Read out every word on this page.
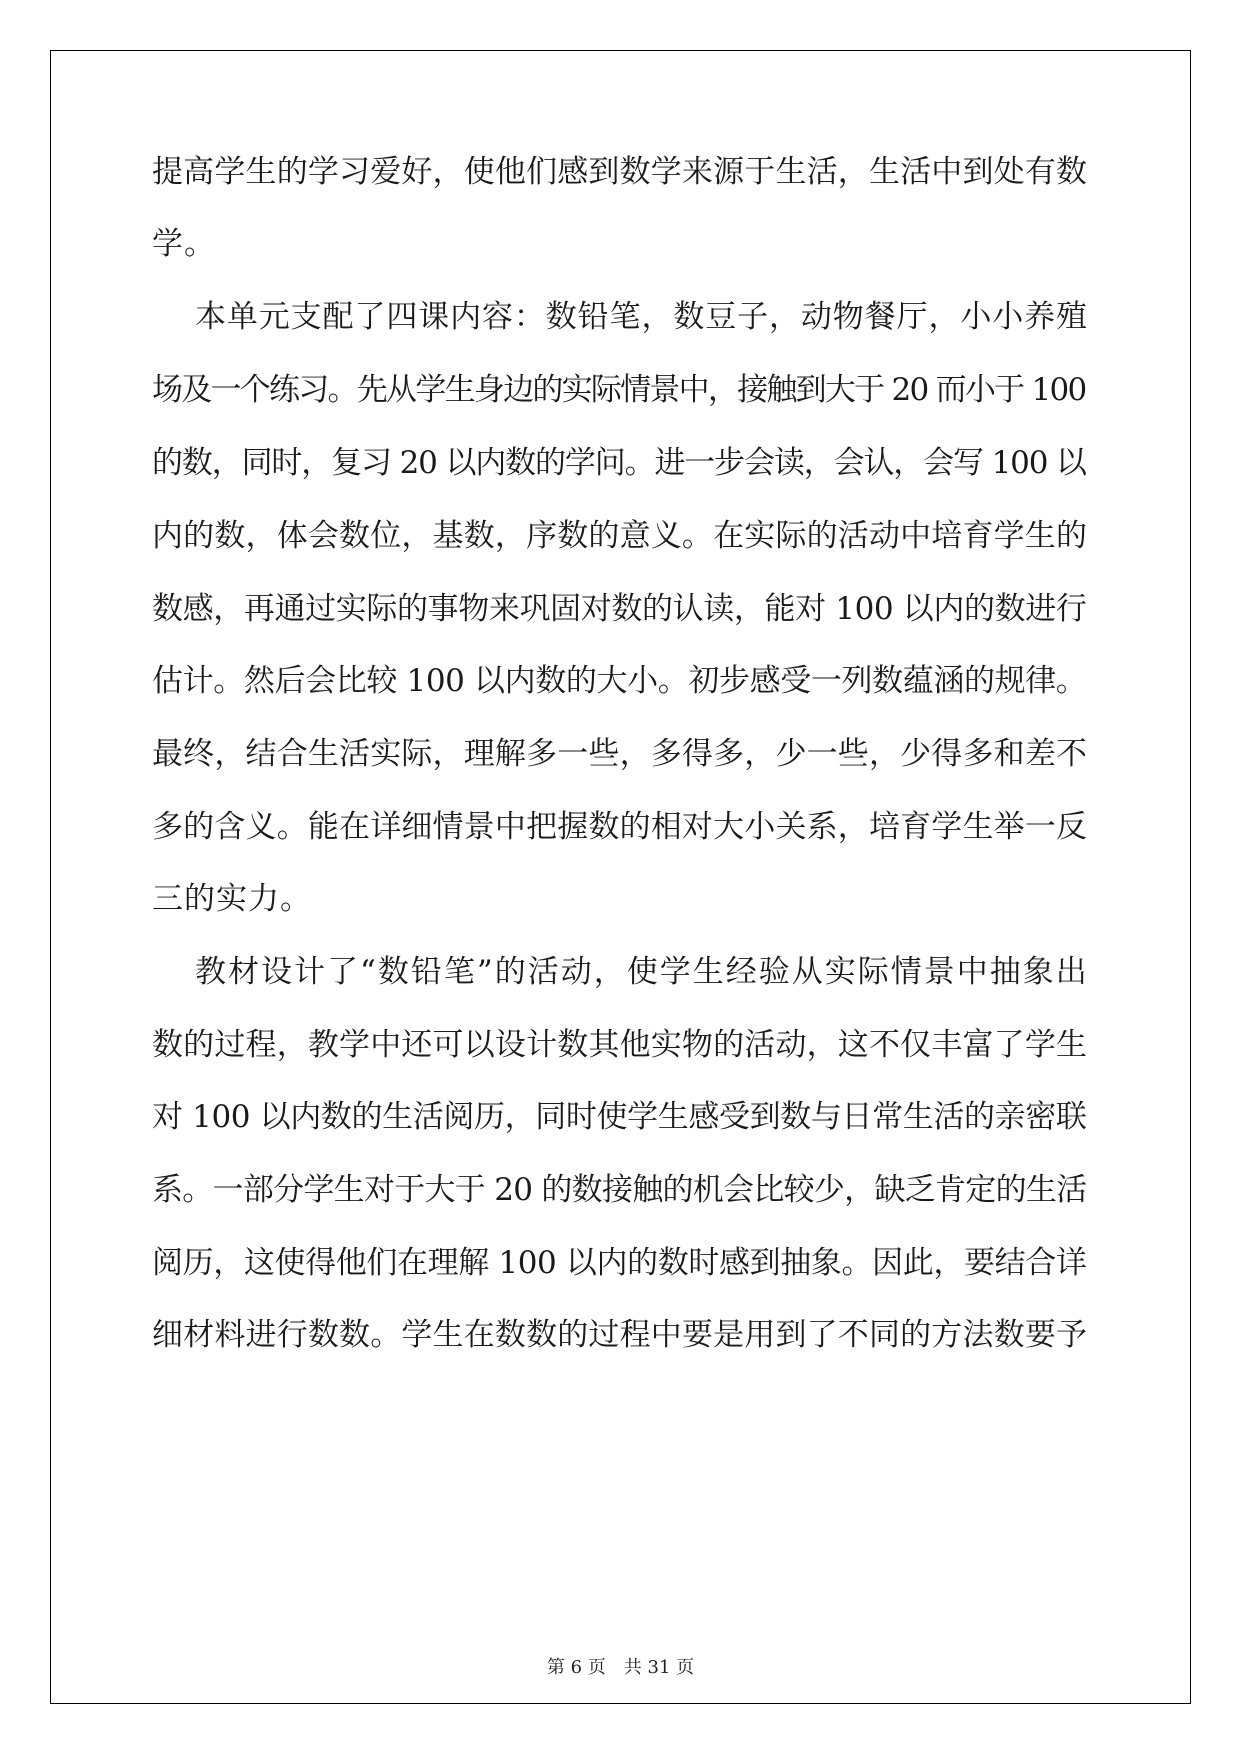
提高学生的学习爱好，使他们感到数学来源于生活，生活中到处有数
学。
本单元支配了四课内容：数铅笔，数豆子，动物餐厅，小小养殖
场及一个练习。先从学生身边的实际情景中，接触到大于 20 而小于 100
的数，同时，复习 20 以内数的学问。进一步会读，会认，会写 100 以
内的数，体会数位，基数，序数的意义。在实际的活动中培育学生的
数感，再通过实际的事物来巩固对数的认读，能对 100 以内的数进行
估计。然后会比较 100 以内数的大小。初步感受一列数蕴涵的规律。
最终，结合生活实际，理解多一些，多得多，少一些，少得多和差不
多的含义。能在详细情景中把握数的相对大小关系，培育学生举一反
三的实力。
教材设计了“数铅笔”的活动，使学生经验从实际情景中抽象出
数的过程，教学中还可以设计数其他实物的活动，这不仅丰富了学生
对 100 以内数的生活阅历，同时使学生感受到数与日常生活的亲密联
系。一部分学生对于大于 20 的数接触的机会比较少，缺乏肯定的生活
阅历，这使得他们在理解 100 以内的数时感到抽象。因此，要结合详
细材料进行数数。学生在数数的过程中要是用到了不同的方法数要予
第 6 页 共 31 页
